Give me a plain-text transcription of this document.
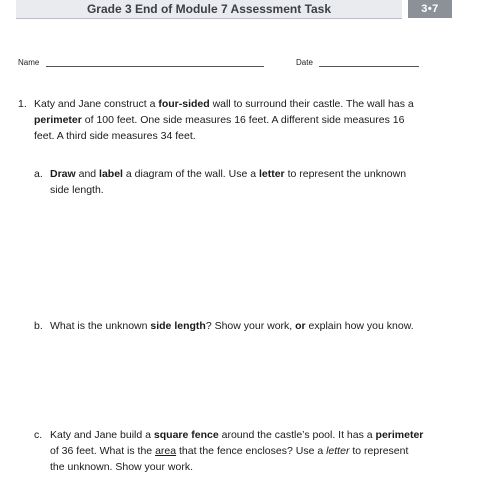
Grade 3 End of Module 7 Assessment Task	3•7
Name	Date
1. Katy and Jane construct a four-sided wall to surround their castle. The wall has a
perimeter of 100 feet. One side measures 16 feet. A different side measures 16
feet. A third side measures 34 feet.
a. Draw and label a diagram of the wall. Use a letter to represent the unknown
side length.
b. What is the unknown side length? Show your work, or explain how you know.
c. Katy and Jane build a square fence around the castle’s pool. It has a perimeter
of 36 feet. What is the area that the fence encloses? Use a letter to represent
the unknown. Show your work.
